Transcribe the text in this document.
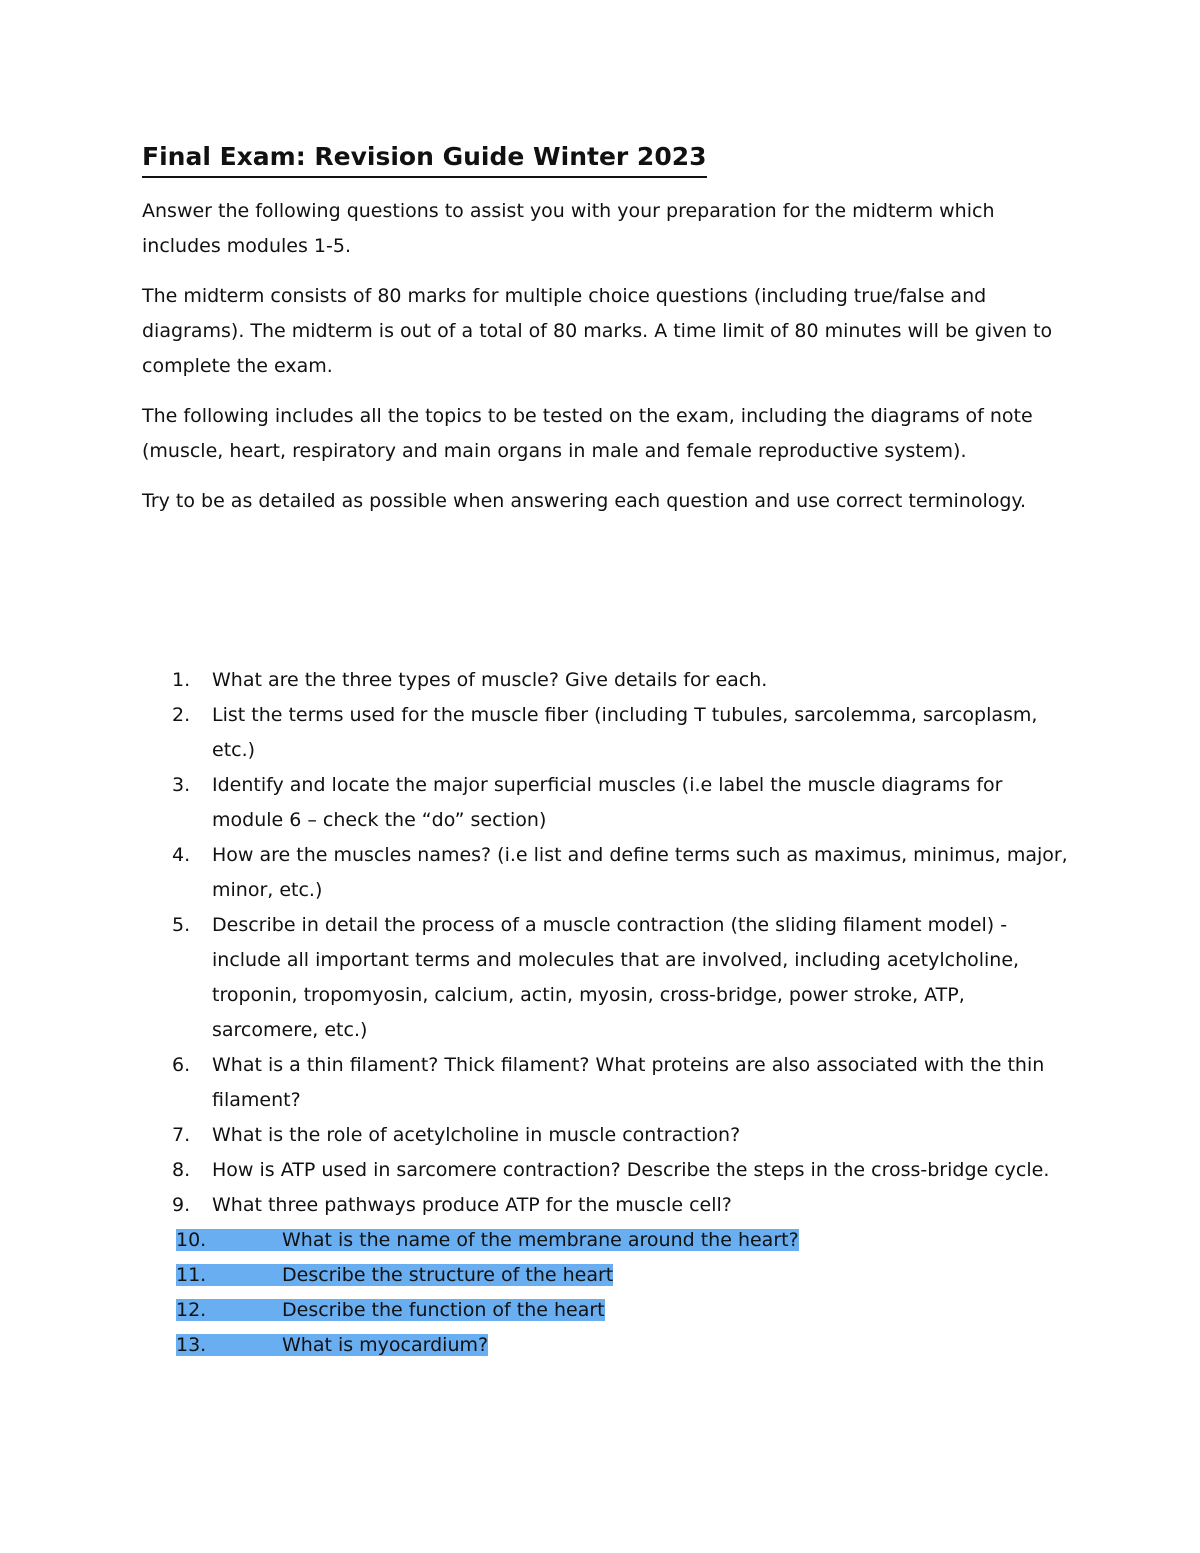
Final Exam: Revision Guide Winter 2023

Answer the following questions to assist you with your preparation for the midterm which includes modules 1-5.

The midterm consists of 80 marks for multiple choice questions (including true/false and diagrams). The midterm is out of a total of 80 marks. A time limit of 80 minutes will be given to complete the exam.

The following includes all the topics to be tested on the exam, including the diagrams of note (muscle, heart, respiratory and main organs in male and female reproductive system).

Try to be as detailed as possible when answering each question and use correct terminology.

1. What are the three types of muscle? Give details for each.
2. List the terms used for the muscle fiber (including T tubules, sarcolemma, sarcoplasm, etc.)
3. Identify and locate the major superficial muscles (i.e label the muscle diagrams for module 6 – check the “do” section)
4. How are the muscles names? (i.e list and define terms such as maximus, minimus, major, minor, etc.)
5. Describe in detail the process of a muscle contraction (the sliding filament model) - include all important terms and molecules that are involved, including acetylcholine, troponin, tropomyosin, calcium, actin, myosin, cross-bridge, power stroke, ATP, sarcomere, etc.)
6. What is a thin filament? Thick filament? What proteins are also associated with the thin filament?
7. What is the role of acetylcholine in muscle contraction?
8. How is ATP used in sarcomere contraction? Describe the steps in the cross-bridge cycle.
9. What three pathways produce ATP for the muscle cell?
10.	What is the name of the membrane around the heart?
11.	Describe the structure of the heart
12.	Describe the function of the heart
13.	What is myocardium?
